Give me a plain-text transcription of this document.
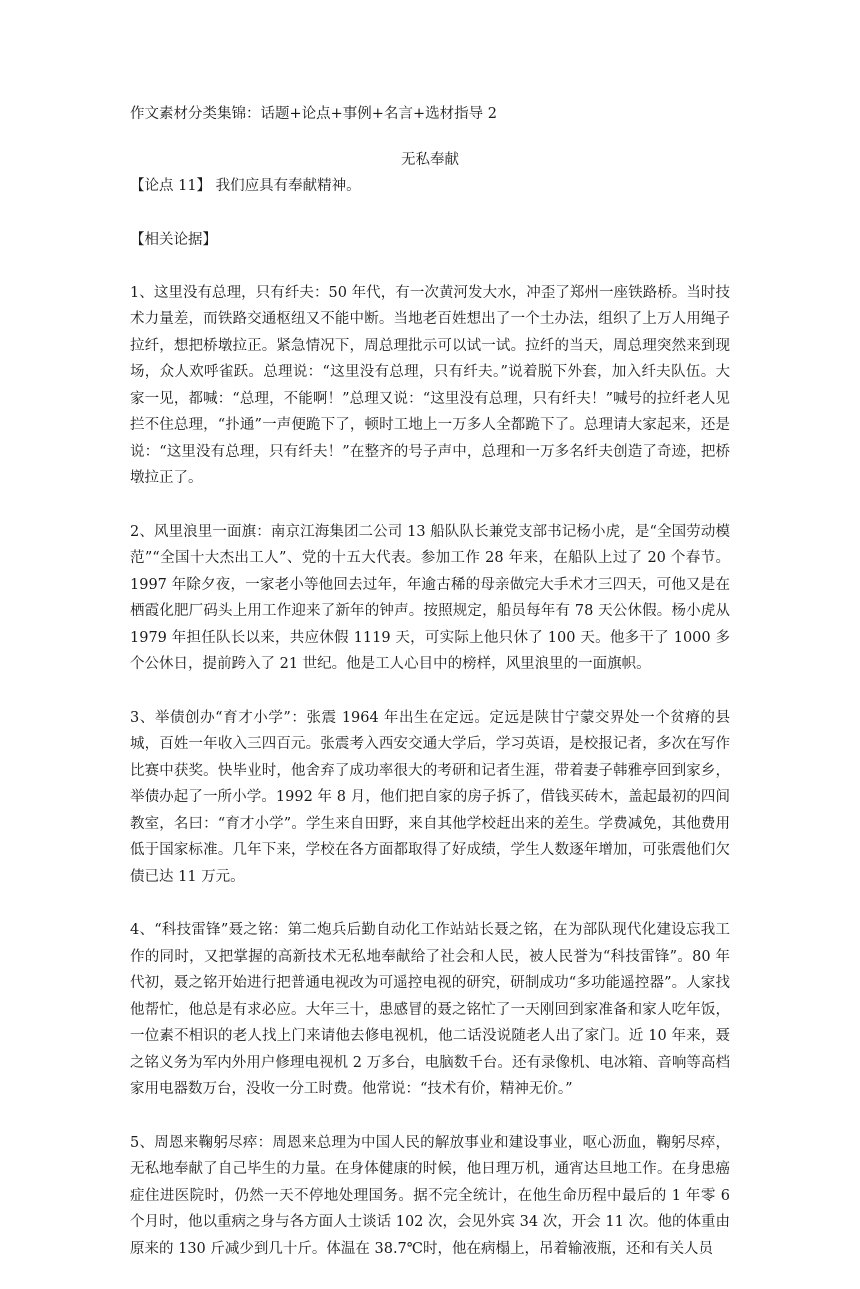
作文素材分类集锦：话题+论点+事例+名言+选材指导 2
无私奉献
【论点 11】 我们应具有奉献精神。
【相关论据】
1、这里没有总理，只有纤夫：50 年代，有一次黄河发大水，冲歪了郑州一座铁路桥。当时技术力量差，而铁路交通枢纽又不能中断。当地老百姓想出了一个土办法，组织了上万人用绳子拉纤，想把桥墩拉正。紧急情况下，周总理批示可以试一试。拉纤的当天，周总理突然来到现场，众人欢呼雀跃。总理说：“这里没有总理，只有纤夫。”说着脱下外套，加入纤夫队伍。大家一见，都喊：“总理，不能啊！”总理又说：“这里没有总理，只有纤夫！”喊号的拉纤老人见拦不住总理，“扑通”一声便跪下了，顿时工地上一万多人全都跪下了。总理请大家起来，还是说：“这里没有总理，只有纤夫！”在整齐的号子声中，总理和一万多名纤夫创造了奇迹，把桥墩拉正了。
2、风里浪里一面旗：南京江海集团二公司 13 船队队长兼党支部书记杨小虎，是“全国劳动模范”“全国十大杰出工人”、党的十五大代表。参加工作 28 年来，在船队上过了 20 个春节。1997 年除夕夜，一家老小等他回去过年，年逾古稀的母亲做完大手术才三四天，可他又是在栖霞化肥厂码头上用工作迎来了新年的钟声。按照规定，船员每年有 78 天公休假。杨小虎从 1979 年担任队长以来，共应休假 1119 天，可实际上他只休了 100 天。他多干了 1000 多个公休日，提前跨入了 21 世纪。他是工人心目中的榜样，风里浪里的一面旗帜。
3、举债创办“育才小学”：张震 1964 年出生在定远。定远是陕甘宁蒙交界处一个贫瘠的县城，百姓一年收入三四百元。张震考入西安交通大学后，学习英语，是校报记者，多次在写作比赛中获奖。快毕业时，他舍弃了成功率很大的考研和记者生涯，带着妻子韩雅亭回到家乡，举债办起了一所小学。1992 年 8 月，他们把自家的房子拆了，借钱买砖木，盖起最初的四间教室，名曰：“育才小学”。学生来自田野，来自其他学校赶出来的差生。学费减免，其他费用低于国家标准。几年下来，学校在各方面都取得了好成绩，学生人数逐年增加，可张震他们欠债已达 11 万元。
4、“科技雷锋”聂之铭：第二炮兵后勤自动化工作站站长聂之铭，在为部队现代化建设忘我工作的同时，又把掌握的高新技术无私地奉献给了社会和人民，被人民誉为“科技雷锋”。80 年代初，聂之铭开始进行把普通电视改为可遥控电视的研究，研制成功“多功能遥控器”。人家找他帮忙，他总是有求必应。大年三十，患感冒的聂之铭忙了一天刚回到家准备和家人吃年饭，一位素不相识的老人找上门来请他去修电视机，他二话没说随老人出了家门。近 10 年来，聂之铭义务为军内外用户修理电视机 2 万多台，电脑数千台。还有录像机、电冰箱、音响等高档家用电器数万台，没收一分工时费。他常说：“技术有价，精神无价。”
5、周恩来鞠躬尽瘁：周恩来总理为中国人民的解放事业和建设事业，呕心沥血，鞠躬尽瘁，无私地奉献了自己毕生的力量。在身体健康的时候，他日理万机，通宵达旦地工作。在身患癌症住进医院时，仍然一天不停地处理国务。据不完全统计，在他生命历程中最后的 1 年零 6 个月时，他以重病之身与各方面人士谈话 102 次，会见外宾 34 次，开会 11 次。他的体重由原来的 130 斤减少到几十斤。体温在 38.7℃时，他在病榻上，吊着输液瓶，还和有关人员
